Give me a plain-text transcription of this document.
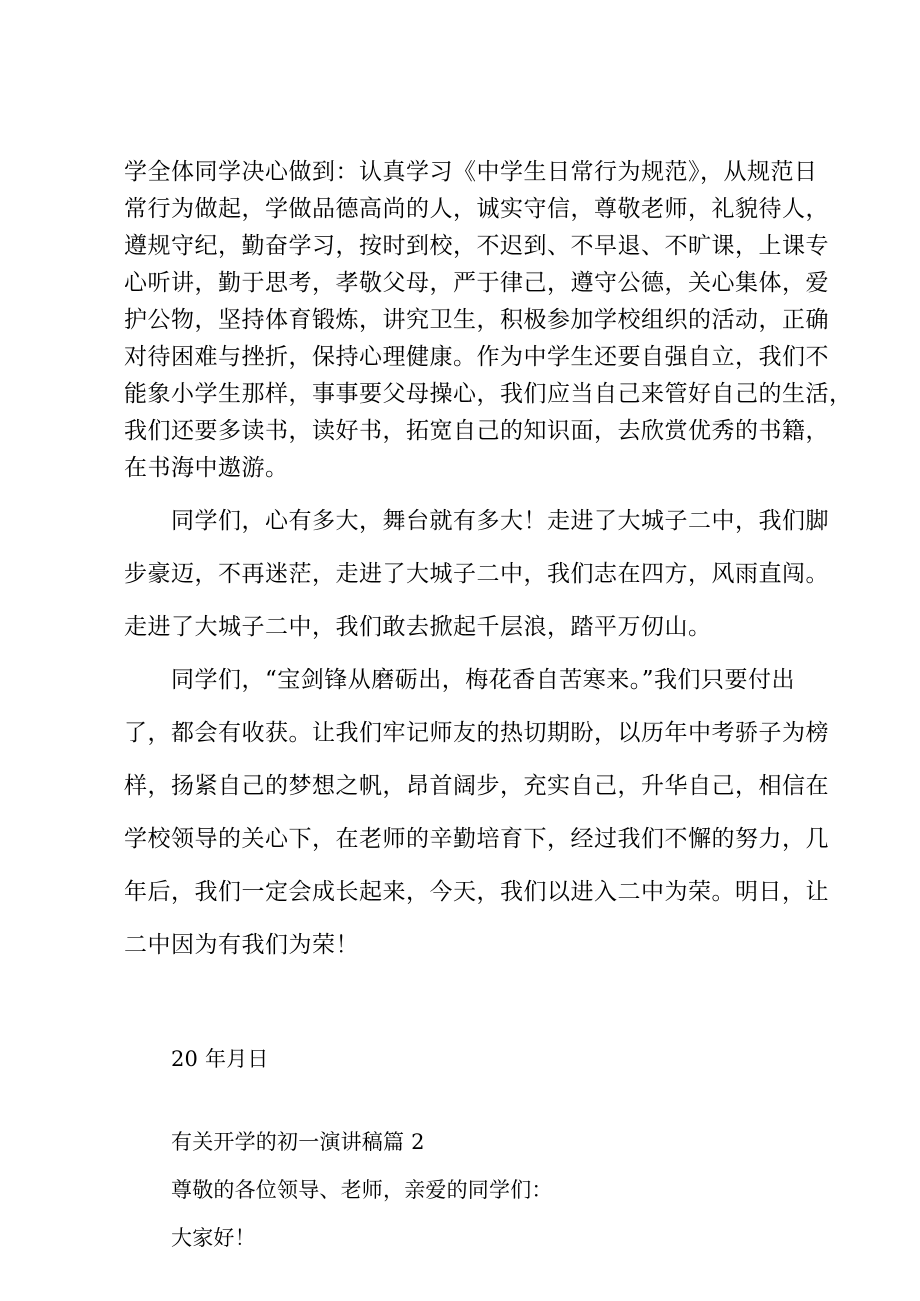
学全体同学决心做到：认真学习《中学生日常行为规范》，从规范日
常行为做起，学做品德高尚的人，诚实守信，尊敬老师，礼貌待人，
遵规守纪，勤奋学习，按时到校，不迟到、不早退、不旷课，上课专
心听讲，勤于思考，孝敬父母，严于律己，遵守公德，关心集体，爱
护公物，坚持体育锻炼，讲究卫生，积极参加学校组织的活动，正确
对待困难与挫折，保持心理健康。作为中学生还要自强自立，我们不
能象小学生那样，事事要父母操心，我们应当自己来管好自己的生活，
我们还要多读书，读好书，拓宽自己的知识面，去欣赏优秀的书籍，
在书海中遨游。
同学们，心有多大，舞台就有多大！走进了大城子二中，我们脚
步豪迈，不再迷茫，走进了大城子二中，我们志在四方，风雨直闯。
走进了大城子二中，我们敢去掀起千层浪，踏平万仞山。
同学们，“宝剑锋从磨砺出，梅花香自苦寒来。”我们只要付出
了，都会有收获。让我们牢记师友的热切期盼，以历年中考骄子为榜
样，扬紧自己的梦想之帆，昂首阔步，充实自己，升华自己，相信在
学校领导的关心下，在老师的辛勤培育下，经过我们不懈的努力，几
年后，我们一定会成长起来，今天，我们以进入二中为荣。明日，让
二中因为有我们为荣！
20 年月日
有关开学的初一演讲稿篇 2
尊敬的各位领导、老师，亲爱的同学们：
大家好！
